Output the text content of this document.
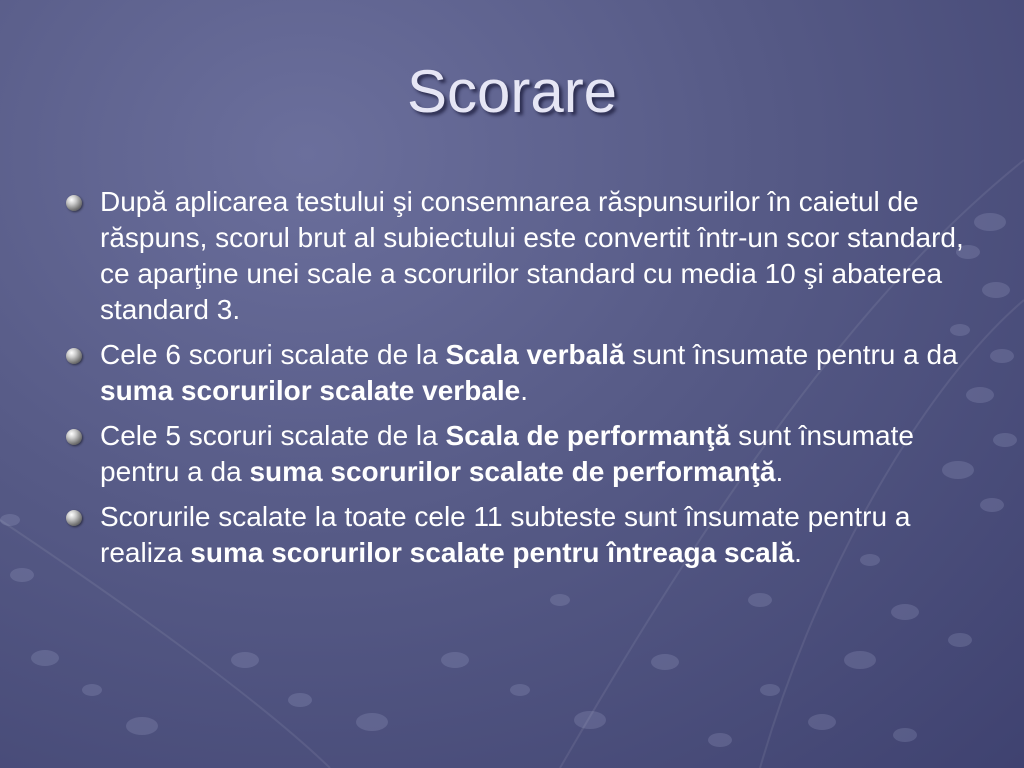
Scorare
După aplicarea testului şi consemnarea răspunsurilor în caietul de răspuns, scorul brut al subiectului este convertit într-un scor standard, ce aparţine unei scale a scorurilor standard cu media 10 şi abaterea standard 3.
Cele 6 scoruri scalate de la Scala verbală sunt însumate pentru a da suma scorurilor scalate verbale.
Cele 5 scoruri scalate de la Scala de performanţă sunt însumate pentru a da suma scorurilor scalate de performanţă.
Scorurile scalate la toate cele 11 subteste sunt însumate pentru a realiza suma scorurilor scalate pentru întreaga scală.
